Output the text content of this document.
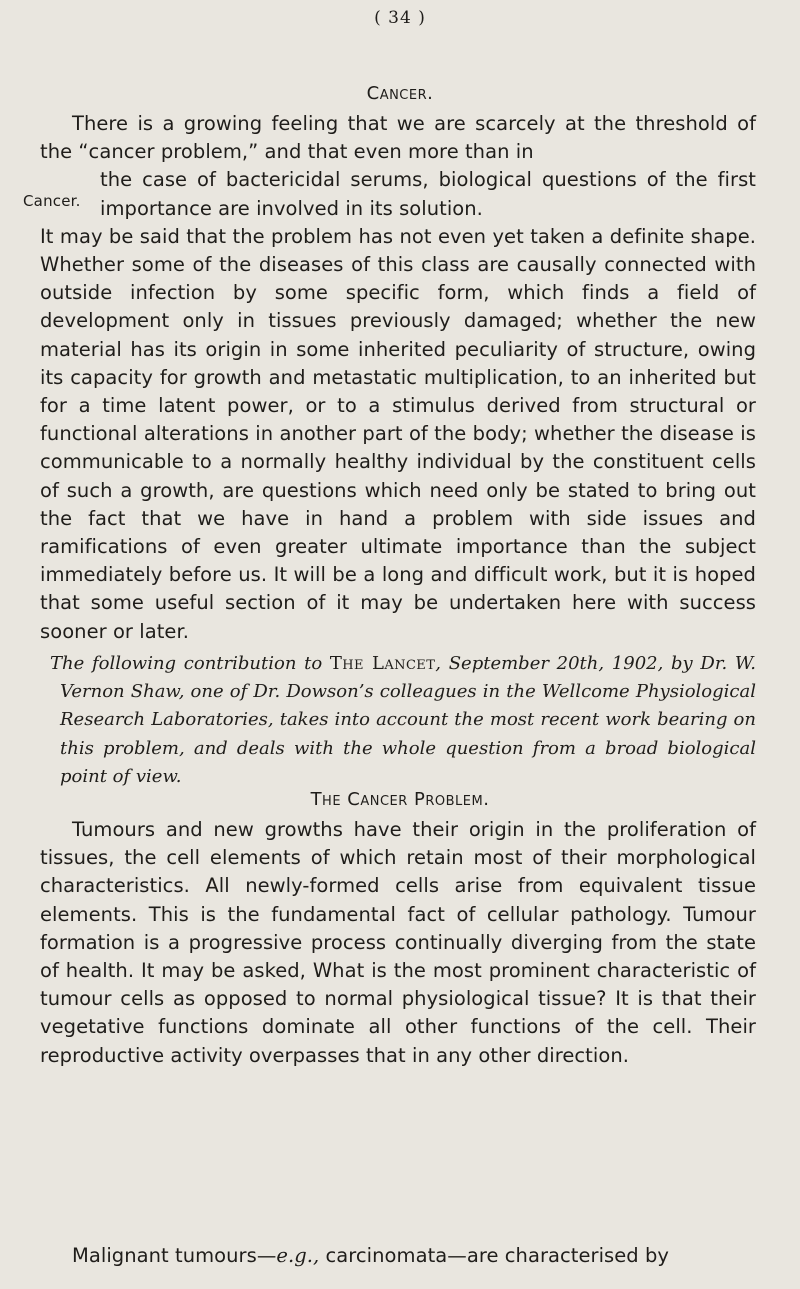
( 34 )
Cancer.
Cancer.
There is a growing feeling that we are scarcely at the threshold of the “cancer problem,” and that even more than in
the case of bactericidal serums, biological questions of the first importance are involved in its solution.
It may be said that the problem has not even yet taken a definite shape. Whether some of the diseases of this class are causally connected with outside infection by some specific form, which finds a field of development only in tissues previously damaged; whether the new material has its origin in some inherited peculiarity of structure, owing its capacity for growth and metastatic multiplication, to an inherited but for a time latent power, or to a stimulus derived from structural or functional alterations in another part of the body; whether the disease is communicable to a normally healthy individual by the constituent cells of such a growth, are questions which need only be stated to bring out the fact that we have in hand a problem with side issues and ramifications of even greater ultimate importance than the subject immediately before us. It will be a long and difficult work, but it is hoped that some useful section of it may be undertaken here with success sooner or later.
The following contribution to The Lancet, September 20th, 1902, by Dr. W. Vernon Shaw, one of Dr. Dowson’s colleagues in the Wellcome Physiological Research Laboratories, takes into account the most recent work bearing on this problem, and deals with the whole question from a broad biological point of view.
The Cancer Problem.
Tumours and new growths have their origin in the proliferation of tissues, the cell elements of which retain most of their morphological characteristics. All newly-formed cells arise from equivalent tissue elements. This is the fundamental fact of cellular pathology. Tumour formation is a progressive process continually diverging from the state of health. It may be asked, What is the most prominent characteristic of tumour cells as opposed to normal physiological tissue? It is that their vegetative functions dominate all other functions of the cell. Their reproductive activity overpasses that in any other direction.
Malignant tumours—e.g., carcinomata—are characterised by
